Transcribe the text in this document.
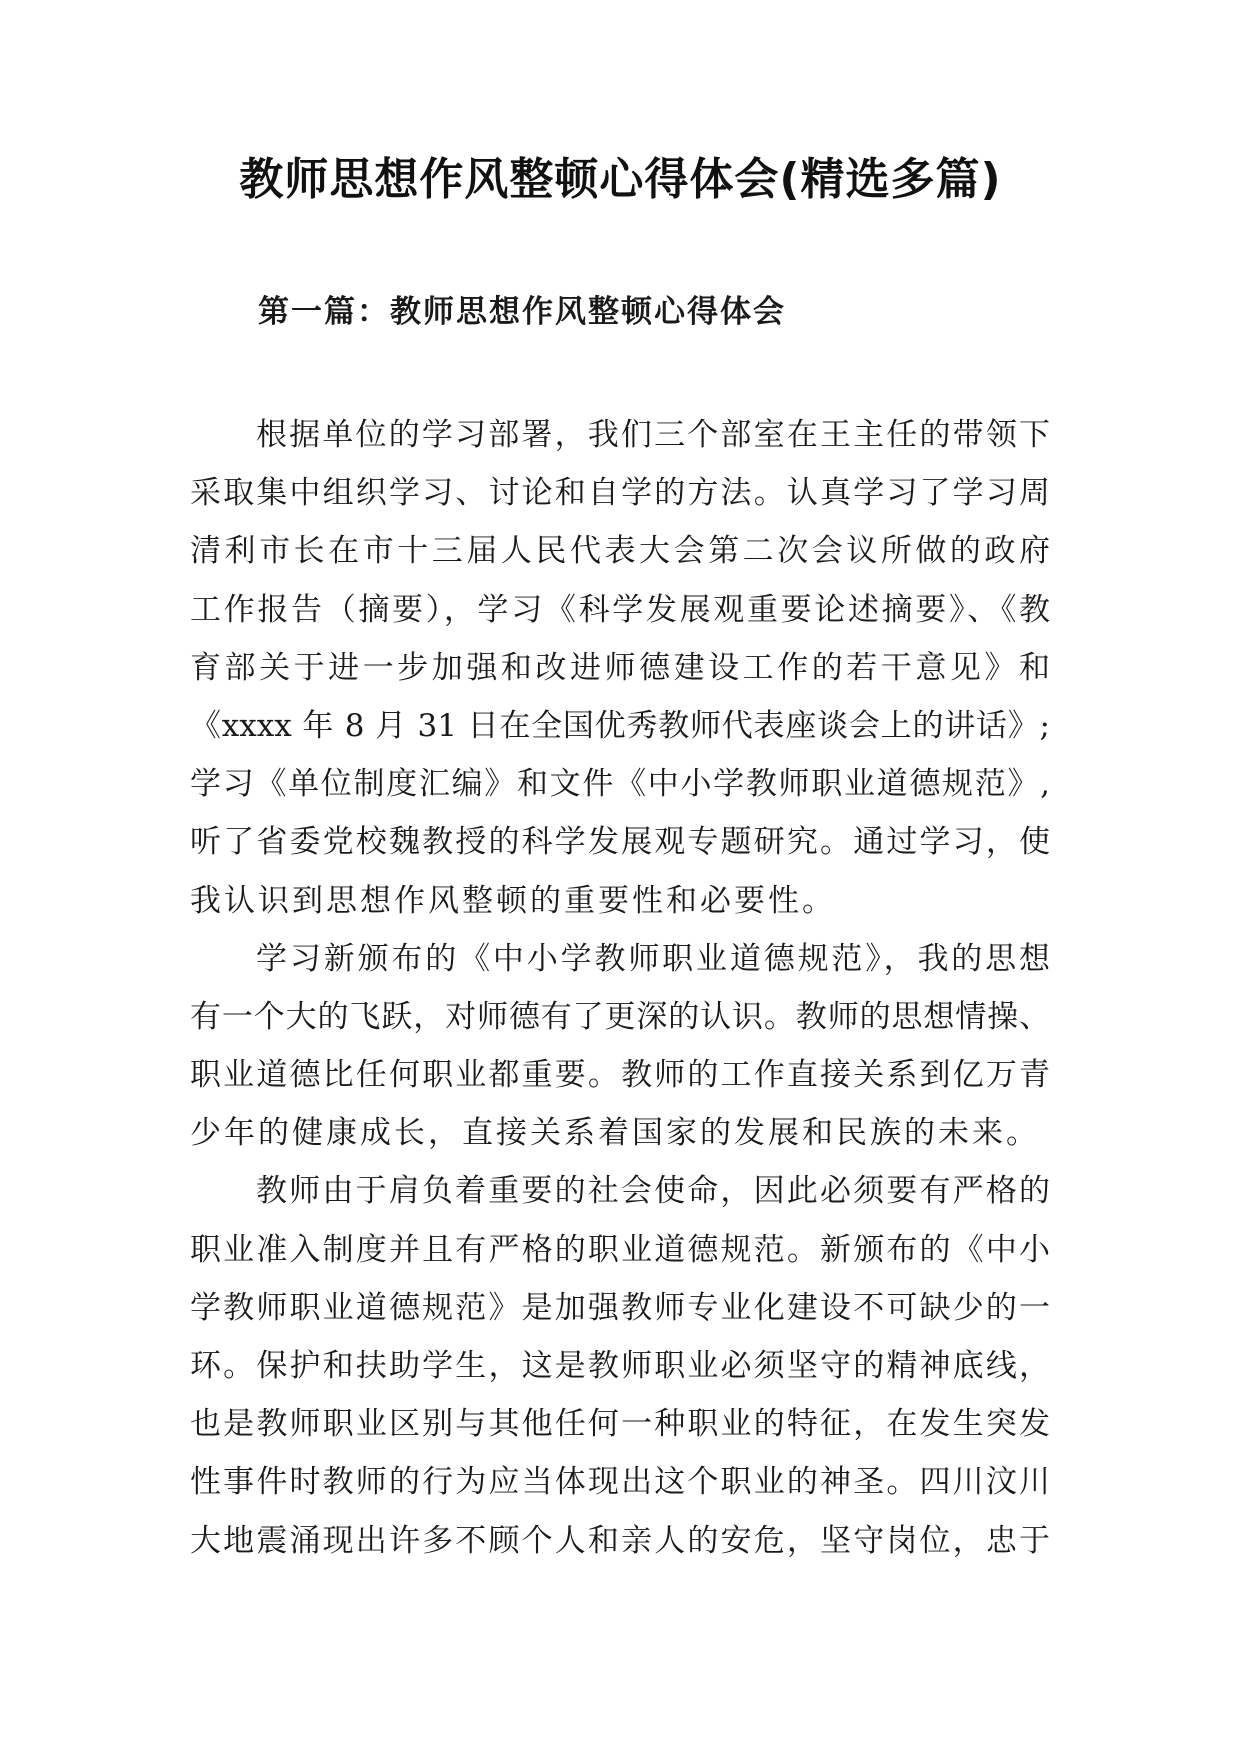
教师思想作风整顿心得体会(精选多篇)
第一篇：教师思想作风整顿心得体会
根据单位的学习部署，我们三个部室在王主任的带领下
采取集中组织学习、讨论和自学的方法。认真学习了学习周
清利市长在市十三届人民代表大会第二次会议所做的政府
工作报告（摘要），学习《科学发展观重要论述摘要》、《教
育部关于进一步加强和改进师德建设工作的若干意见》和
《xxxx 年 8 月 31 日在全国优秀教师代表座谈会上的讲话》;
学习《单位制度汇编》和文件《中小学教师职业道德规范》,
听了省委党校魏教授的科学发展观专题研究。通过学习，使
我认识到思想作风整顿的重要性和必要性。
学习新颁布的《中小学教师职业道德规范》，我的思想
有一个大的飞跃，对师德有了更深的认识。教师的思想情操、
职业道德比任何职业都重要。教师的工作直接关系到亿万青
少年的健康成长，直接关系着国家的发展和民族的未来。
教师由于肩负着重要的社会使命，因此必须要有严格的
职业准入制度并且有严格的职业道德规范。新颁布的《中小
学教师职业道德规范》是加强教师专业化建设不可缺少的一
环。保护和扶助学生，这是教师职业必须坚守的精神底线，
也是教师职业区别与其他任何一种职业的特征，在发生突发
性事件时教师的行为应当体现出这个职业的神圣。四川汶川
大地震涌现出许多不顾个人和亲人的安危，坚守岗位，忠于
